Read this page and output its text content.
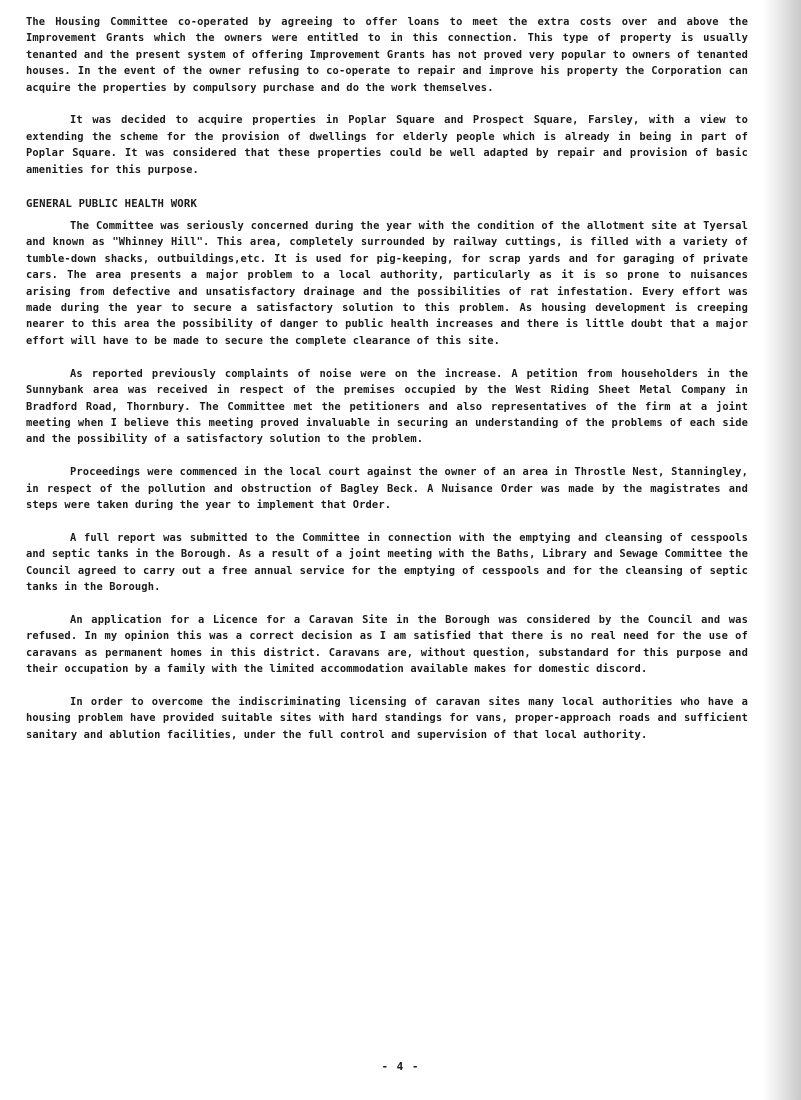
The Housing Committee co-operated by agreeing to offer loans to meet the extra costs over and above the Improvement Grants which the owners were entitled to in this connection. This type of property is usually tenanted and the present system of offering Improvement Grants has not proved very popular to owners of tenanted houses. In the event of the owner refusing to co-operate to repair and improve his property the Corporation can acquire the properties by compulsory purchase and do the work themselves.

It was decided to acquire properties in Poplar Square and Prospect Square, Farsley, with a view to extending the scheme for the provision of dwellings for elderly people which is already in being in part of Poplar Square. It was considered that these properties could be well adapted by repair and provision of basic amenities for this purpose.

GENERAL PUBLIC HEALTH WORK

The Committee was seriously concerned during the year with the condition of the allotment site at Tyersal and known as "Whinney Hill". This area, completely surrounded by railway cuttings, is filled with a variety of tumble-down shacks, outbuildings,etc. It is used for pig-keeping, for scrap yards and for garaging of private cars. The area presents a major problem to a local authority, particularly as it is so prone to nuisances arising from defective and unsatisfactory drainage and the possibilities of rat infestation. Every effort was made during the year to secure a satisfactory solution to this problem. As housing development is creeping nearer to this area the possibility of danger to public health increases and there is little doubt that a major effort will have to be made to secure the complete clearance of this site.

As reported previously complaints of noise were on the increase. A petition from householders in the Sunnybank area was received in respect of the premises occupied by the West Riding Sheet Metal Company in Bradford Road, Thornbury. The Committee met the petitioners and also representatives of the firm at a joint meeting when I believe this meeting proved invaluable in securing an understanding of the problems of each side and the possibility of a satisfactory solution to the problem.

Proceedings were commenced in the local court against the owner of an area in Throstle Nest, Stanningley, in respect of the pollution and obstruction of Bagley Beck. A Nuisance Order was made by the magistrates and steps were taken during the year to implement that Order.

A full report was submitted to the Committee in connection with the emptying and cleansing of cesspools and septic tanks in the Borough. As a result of a joint meeting with the Baths, Library and Sewage Committee the Council agreed to carry out a free annual service for the emptying of cesspools and for the cleansing of septic tanks in the Borough.

An application for a Licence for a Caravan Site in the Borough was considered by the Council and was refused. In my opinion this was a correct decision as I am satisfied that there is no real need for the use of caravans as permanent homes in this district. Caravans are, without question, substandard for this purpose and their occupation by a family with the limited accommodation available makes for domestic discord.

In order to overcome the indiscriminating licensing of caravan sites many local authorities who have a housing problem have provided suitable sites with hard standings for vans, proper-approach roads and sufficient sanitary and ablution facilities, under the full control and supervision of that local authority.

- 4 -
